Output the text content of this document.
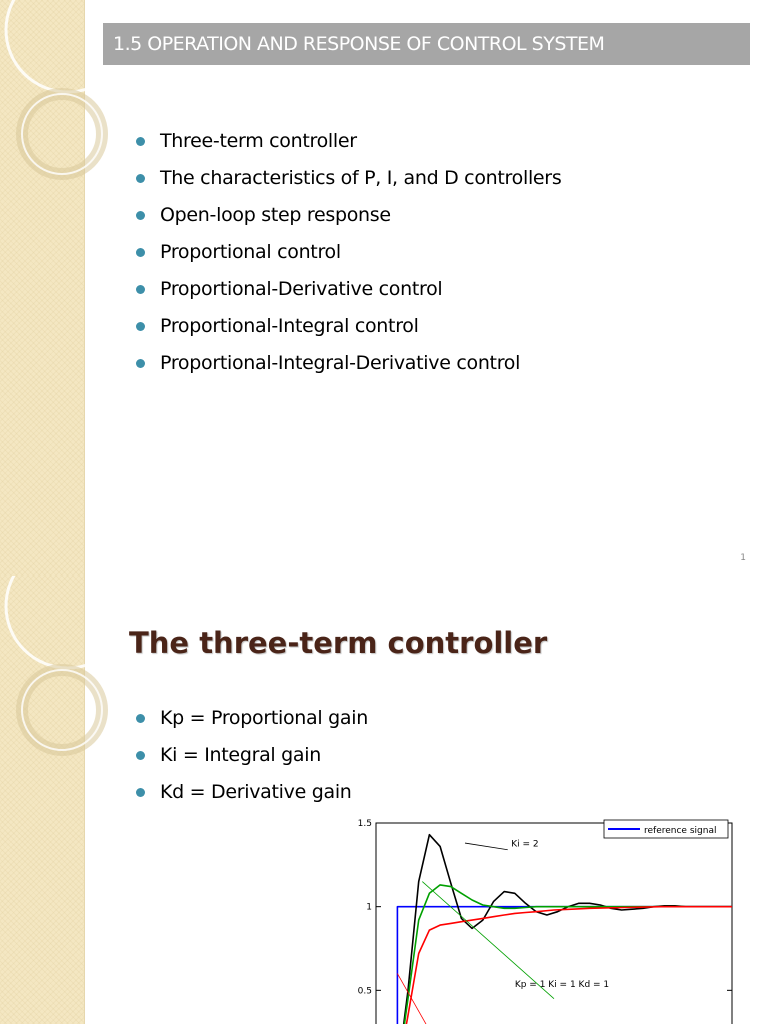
1.5 OPERATION AND RESPONSE OF CONTROL SYSTEM
Three-term controller
The characteristics of P, I, and D controllers
Open-loop step response
Proportional control
Proportional-Derivative control
Proportional-Integral control
Proportional-Integral-Derivative control
1
The three-term controller
Kp = Proportional gain
Ki = Integral gain
Kd = Derivative gain
1.5
1
0.5
reference signal
Ki = 2
Kp = 1 Ki = 1 Kd = 1
